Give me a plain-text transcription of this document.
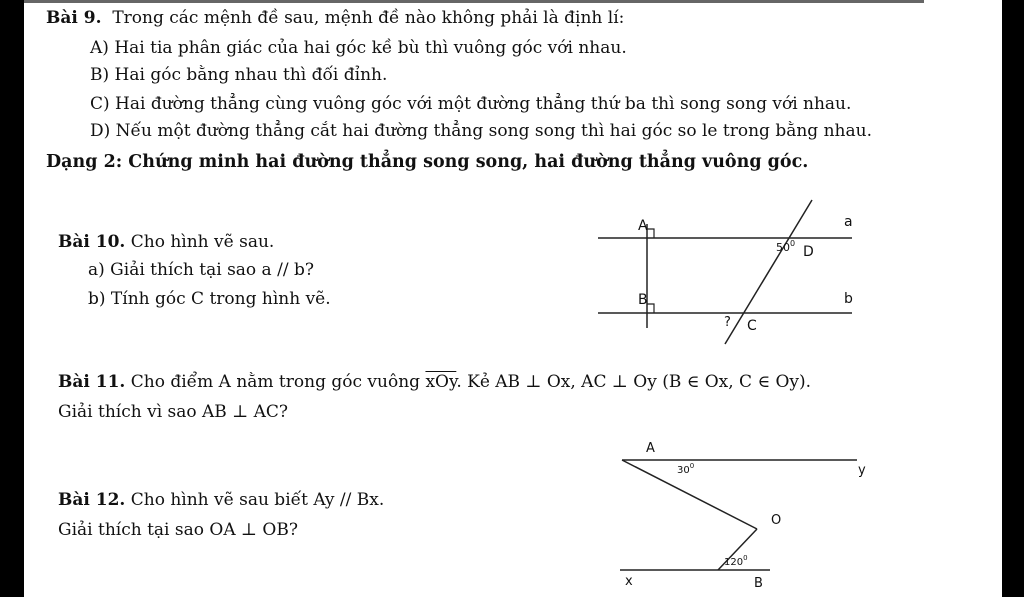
Bài 9. Trong các mệnh đề sau, mệnh đề nào không phải là định lí:
A) Hai tia phân giác của hai góc kề bù thì vuông góc với nhau.
B) Hai góc bằng nhau thì đối đỉnh.
C) Hai đường thẳng cùng vuông góc với một đường thẳng thứ ba thì song song với nhau.
D) Nếu một đường thẳng cắt hai đường thẳng song song thì hai góc so le trong bằng nhau.
Dạng 2: Chứng minh hai đường thẳng song song, hai đường thẳng vuông góc.
Bài 10. Cho hình vẽ sau.
a) Giải thích tại sao a // b?
b) Tính góc C trong hình vẽ.
A
B
a
b
D
C
$50^0$
?
Bài 11. Cho điểm A nằm trong góc vuông $\overline{xOy}$. Kẻ AB ⊥ Ox, AC ⊥ Oy (B ∈ Ox, C ∈ Oy).
Giải thích vì sao AB ⊥ AC?
Bài 12. Cho hình vẽ sau biết Ay // Bx.
Giải thích tại sao OA ⊥ OB?
A
y
O
x	B
$30^0$
$120^0$
